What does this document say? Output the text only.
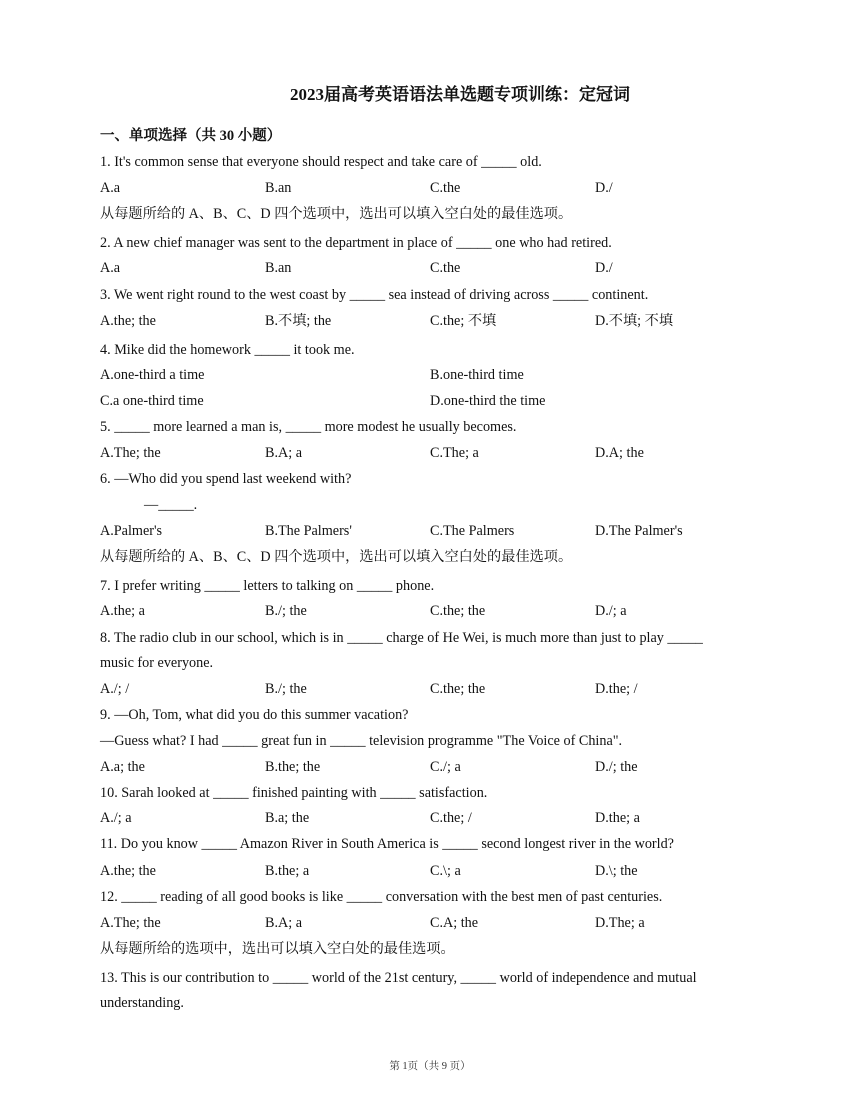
2023届高考英语语法单选题专项训练：定冠词
一、单项选择（共 30 小题）
1. It's common sense that everyone should respect and take care of _____ old.
A.a	B.an	C.the	D./
从每题所给的 A、B、C、D 四个选项中，选出可以填入空白处的最佳选项。
2. A new chief manager was sent to the department in place of _____ one who had retired.
A.a	B.an	C.the	D./
3. We went right round to the west coast by _____ sea instead of driving across _____ continent.
A.the; the	B.不填; the	C.the; 不填	D.不填; 不填
4. Mike did the homework _____ it took me.
A.one-third a time	B.one-third time
C.a one-third time	D.one-third the time
5. _____ more learned a man is, _____ more modest he usually becomes.
A.The; the	B.A; a	C.The; a	D.A; the
6. —Who did you spend last weekend with?
—_____.
A.Palmer's	B.The Palmers'	C.The Palmers	D.The Palmer's
从每题所给的 A、B、C、D 四个选项中，选出可以填入空白处的最佳选项。
7. I prefer writing _____ letters to talking on _____ phone.
A.the; a	B./; the	C.the; the	D./; a
8. The radio club in our school, which is in _____ charge of He Wei, is much more than just to play _____
music for everyone.
A./; /	B./; the	C.the; the	D.the; /
9. —Oh, Tom, what did you do this summer vacation?
—Guess what? I had _____ great fun in _____ television programme "The Voice of China".
A.a; the	B.the; the	C./; a	D./; the
10. Sarah looked at _____ finished painting with _____ satisfaction.
A./; a	B.a; the	C.the; /	D.the; a
11. Do you know _____ Amazon River in South America is _____ second longest river in the world?
A.the; the	B.the; a	C.\; a	D.\; the
12. _____ reading of all good books is like _____ conversation with the best men of past centuries.
A.The; the	B.A; a	C.A; the	D.The; a
从每题所给的选项中，选出可以填入空白处的最佳选项。
13. This is our contribution to _____ world of the 21st century, _____ world of independence and mutual
understanding.
第 1页（共 9 页）
